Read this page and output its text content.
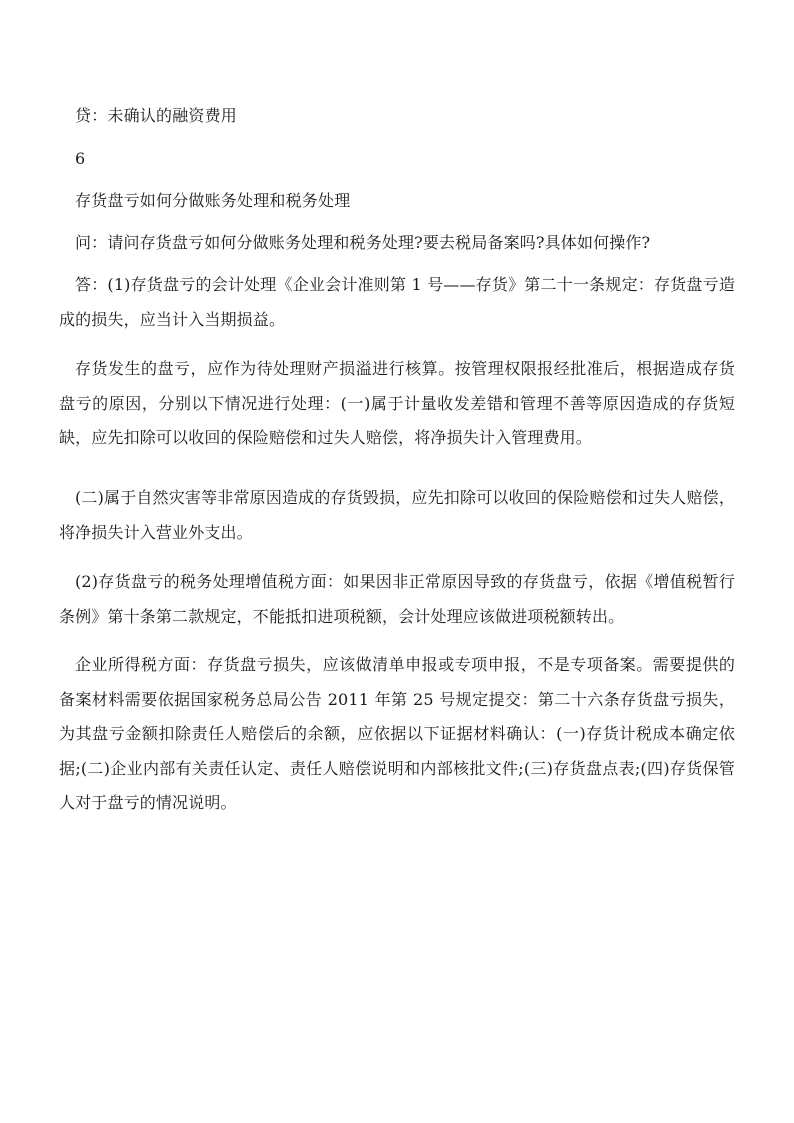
贷：未确认的融资费用
6
存货盘亏如何分做账务处理和税务处理

问：请问存货盘亏如何分做账务处理和税务处理?要去税局备案吗?具体如何操作?

答：(1)存货盘亏的会计处理《企业会计准则第 1 号——存货》第二十一条规定：存货盘亏造成的损失，应当计入当期损益。

存货发生的盘亏，应作为待处理财产损溢进行核算。按管理权限报经批准后，根据造成存货盘亏的原因，分别以下情况进行处理：(一)属于计量收发差错和管理不善等原因造成的存货短缺，应先扣除可以收回的保险赔偿和过失人赔偿，将净损失计入管理费用。

(二)属于自然灾害等非常原因造成的存货毁损，应先扣除可以收回的保险赔偿和过失人赔偿，将净损失计入营业外支出。

(2)存货盘亏的税务处理增值税方面：如果因非正常原因导致的存货盘亏，依据《增值税暂行条例》第十条第二款规定，不能抵扣进项税额，会计处理应该做进项税额转出。

企业所得税方面：存货盘亏损失，应该做清单申报或专项申报，不是专项备案。需要提供的备案材料需要依据国家税务总局公告 2011 年第 25 号规定提交：第二十六条存货盘亏损失，为其盘亏金额扣除责任人赔偿后的余额，应依据以下证据材料确认：(一)存货计税成本确定依据;(二)企业内部有关责任认定、责任人赔偿说明和内部核批文件;(三)存货盘点表;(四)存货保管人对于盘亏的情况说明。
